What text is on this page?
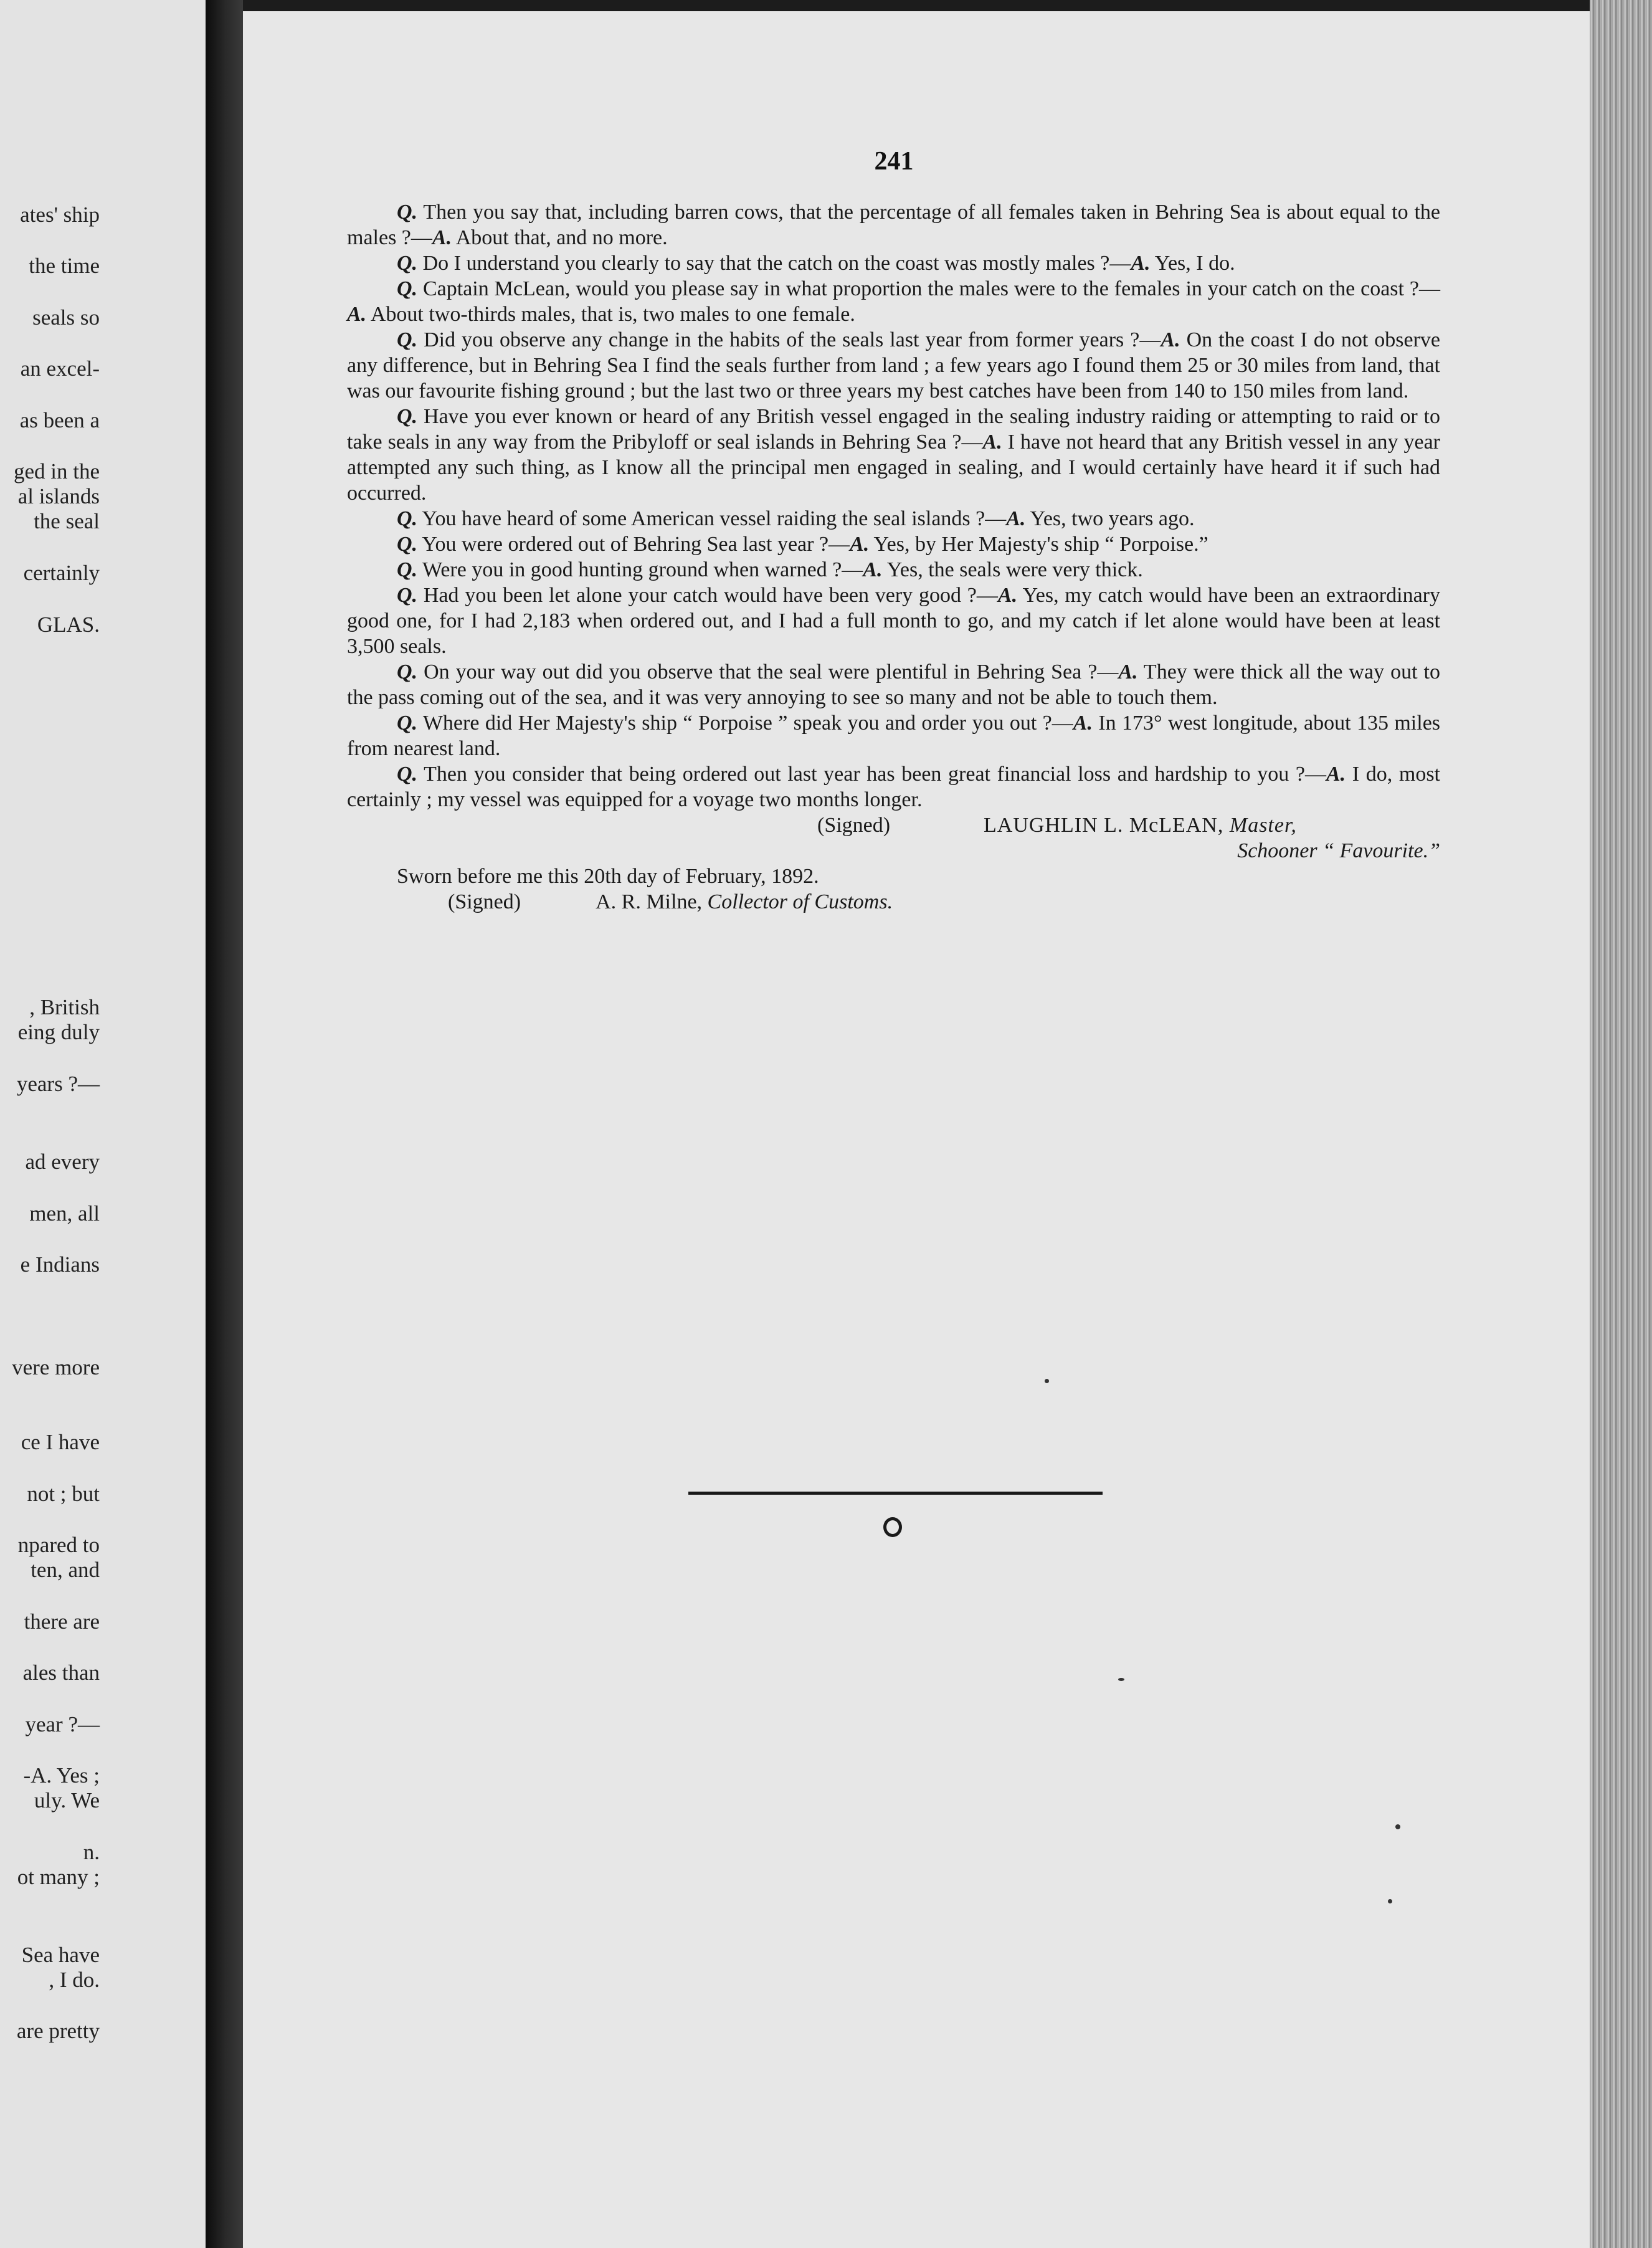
ates' ship
the time
seals so
an excel-
as been a
ged in the
al islands
the seal
certainly
GLAS.
, British
eing duly
years ?—
ad every
men, all
e Indians
vere more
ce I have
not ; but
npared to
ten, and
there are
ales than
year ?—
-A. Yes ;
uly. We
n.
ot many ;
Sea have
, I do.
are pretty
241

Q. Then you say that, including barren cows, that the percentage of all females taken in Behring Sea is about equal to the males ?—A. About that, and no more.

Q. Do I understand you clearly to say that the catch on the coast was mostly males ?—A. Yes, I do.

Q. Captain McLean, would you please say in what proportion the males were to the females in your catch on the coast ?—A. About two-thirds males, that is, two males to one female.

Q. Did you observe any change in the habits of the seals last year from former years ?—A. On the coast I do not observe any difference, but in Behring Sea I find the seals further from land ; a few years ago I found them 25 or 30 miles from land, that was our favourite fishing ground ; but the last two or three years my best catches have been from 140 to 150 miles from land.

Q. Have you ever known or heard of any British vessel engaged in the sealing industry raiding or attempting to raid or to take seals in any way from the Pribyloff or seal islands in Behring Sea ?—A. I have not heard that any British vessel in any year attempted any such thing, as I know all the principal men engaged in sealing, and I would certainly have heard it if such had occurred.

Q. You have heard of some American vessel raiding the seal islands ?—A. Yes, two years ago.

Q. You were ordered out of Behring Sea last year ?—A. Yes, by Her Majesty's ship “ Porpoise.”

Q. Were you in good hunting ground when warned ?—A. Yes, the seals were very thick.

Q. Had you been let alone your catch would have been very good ?—A. Yes, my catch would have been an extraordinary good one, for I had 2,183 when ordered out, and I had a full month to go, and my catch if let alone would have been at least 3,500 seals.

Q. On your way out did you observe that the seal were plentiful in Behring Sea ?—A. They were thick all the way out to the pass coming out of the sea, and it was very annoying to see so many and not be able to touch them.

Q. Where did Her Majesty's ship “ Porpoise ” speak you and order you out ?—A. In 173° west longitude, about 135 miles from nearest land.

Q. Then you consider that being ordered out last year has been great financial loss and hardship to you ?—A. I do, most certainly ; my vessel was equipped for a voyage two months longer.

(Signed)	LAUGHLIN L. McLEAN, Master,
Schooner “ Favourite.”

Sworn before me this 20th day of February, 1892.

(Signed)	A. R. Milne, Collector of Customs.
